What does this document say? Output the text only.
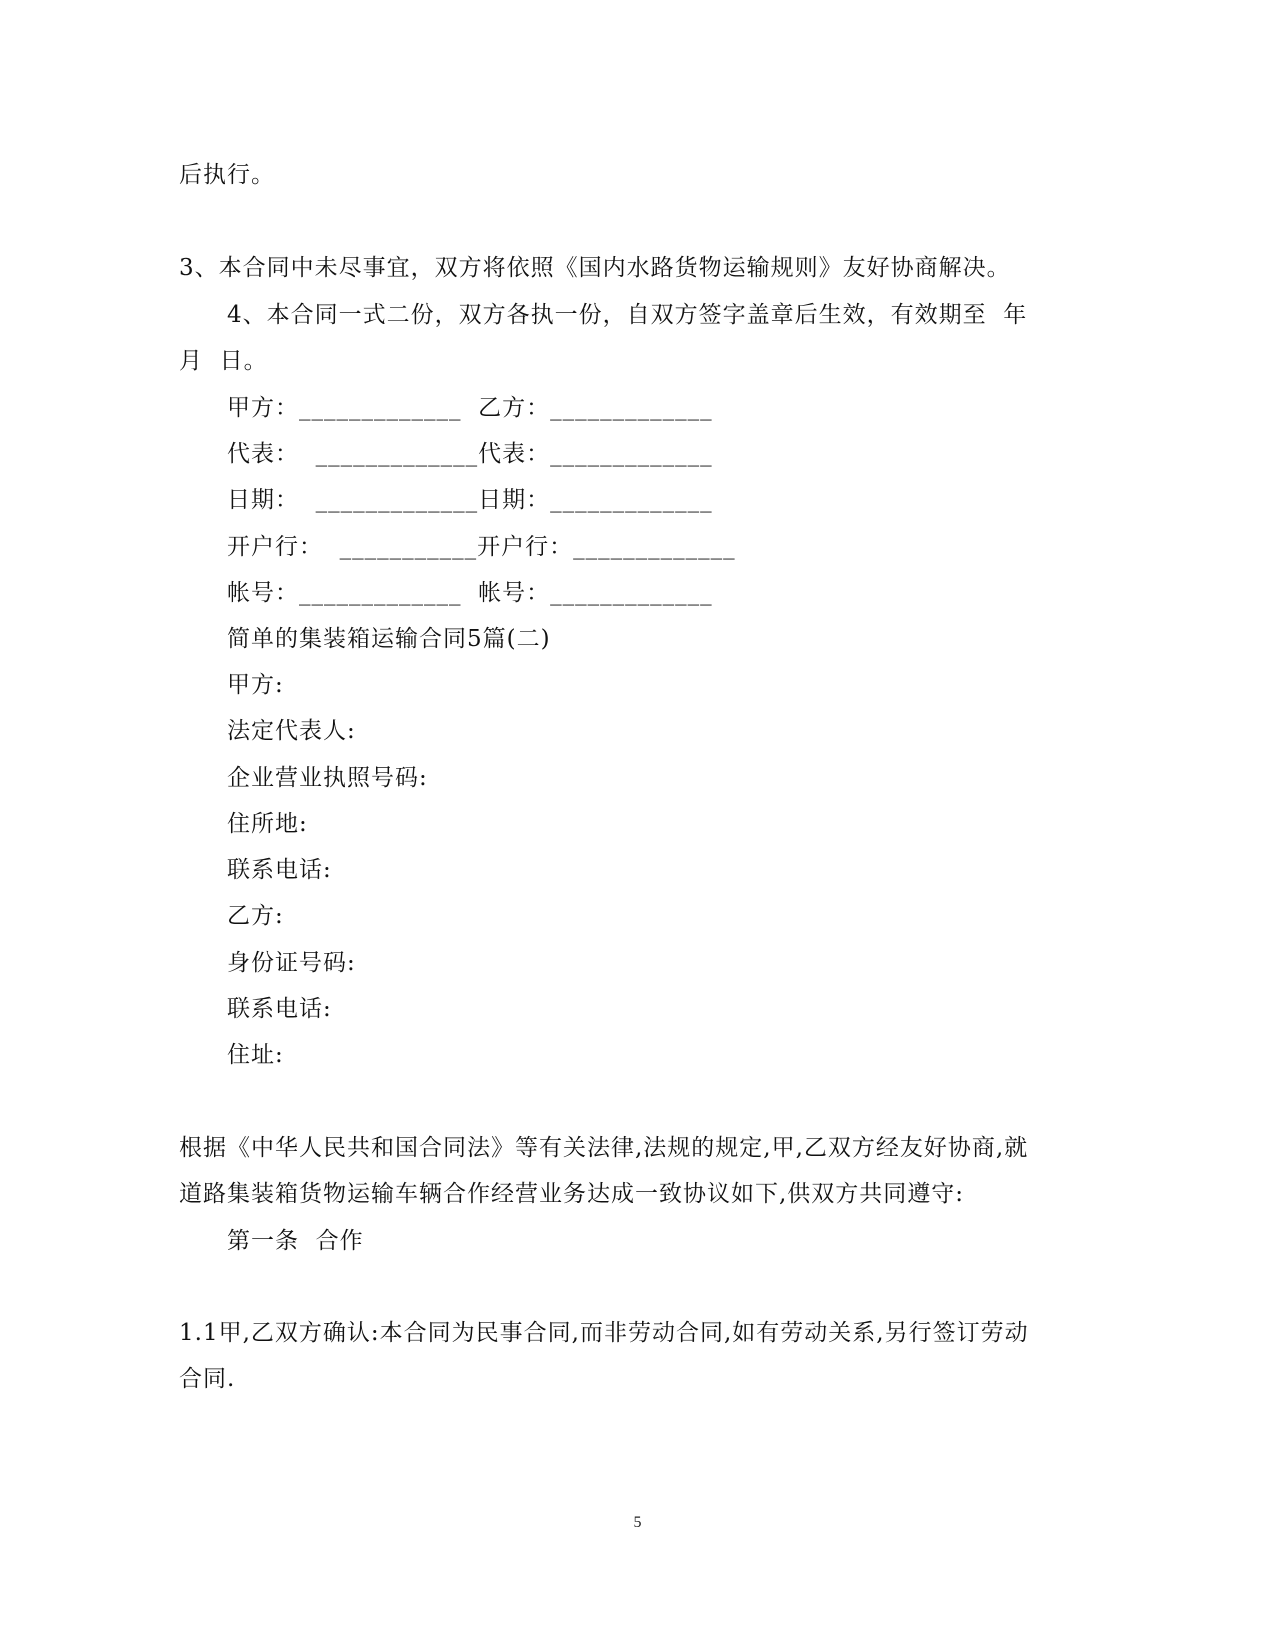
后执行。
3、本合同中未尽事宜，双方将依照《国内水路货物运输规则》友好协商解决。
4、本合同一式二份，双方各执一份，自双方签字盖章后生效，有效期至  年
月  日。
甲方：_____________  乙方：_____________
代表：  _____________代表：_____________
日期：  _____________日期：_____________
开户行：  ___________开户行：_____________
帐号：_____________  帐号：_____________
简单的集装箱运输合同5篇(二)
甲方:
法定代表人:
企业营业执照号码:
住所地:
联系电话:
乙方:
身份证号码:
联系电话:
住址:
根据《中华人民共和国合同法》等有关法律,法规的规定,甲,乙双方经友好协商,就
道路集装箱货物运输车辆合作经营业务达成一致协议如下,供双方共同遵守:
第一条  合作
1.1甲,乙双方确认:本合同为民事合同,而非劳动合同,如有劳动关系,另行签订劳动
合同.
5
